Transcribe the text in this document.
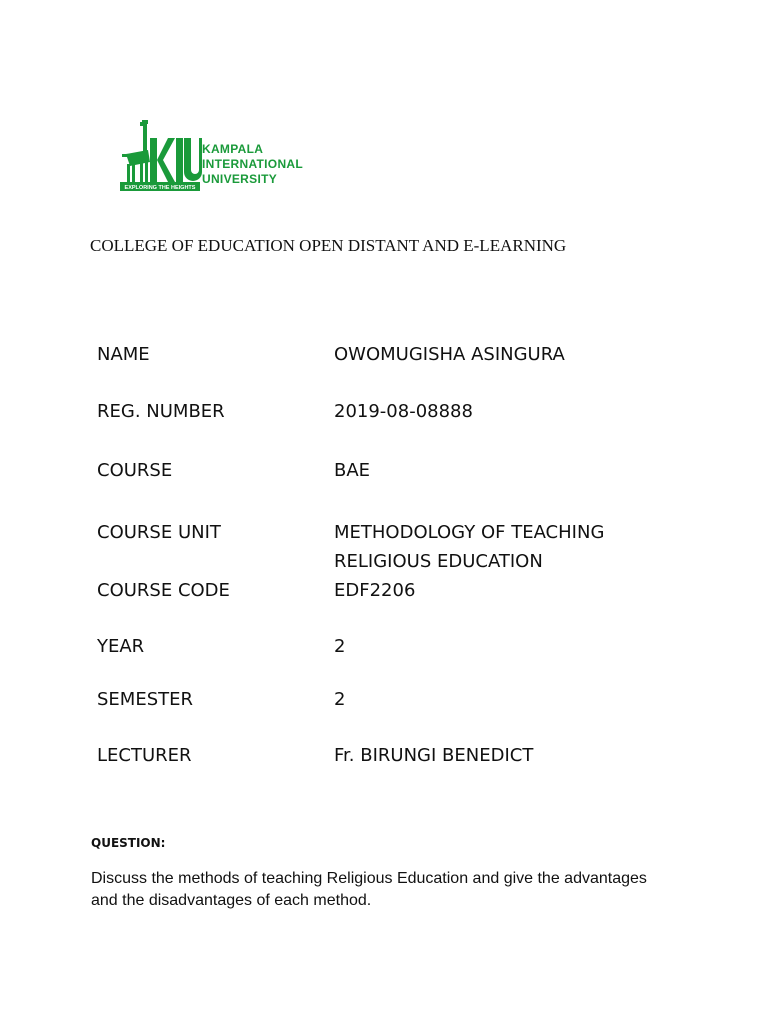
EXPLORING THE HEIGHTS
KAMPALA
INTERNATIONAL
UNIVERSITY
COLLEGE OF EDUCATION OPEN DISTANT AND E-LEARNING
NAME	OWOMUGISHA ASINGURA
REG. NUMBER	2019-08-08888
COURSE	BAE
COURSE UNIT	METHODOLOGY OF TEACHING
RELIGIOUS EDUCATION
COURSE CODE	EDF2206
YEAR	2
SEMESTER	2
LECTURER	Fr. BIRUNGI BENEDICT
QUESTION:
Discuss the methods of teaching Religious Education and give the advantages and the disadvantages of each method.
